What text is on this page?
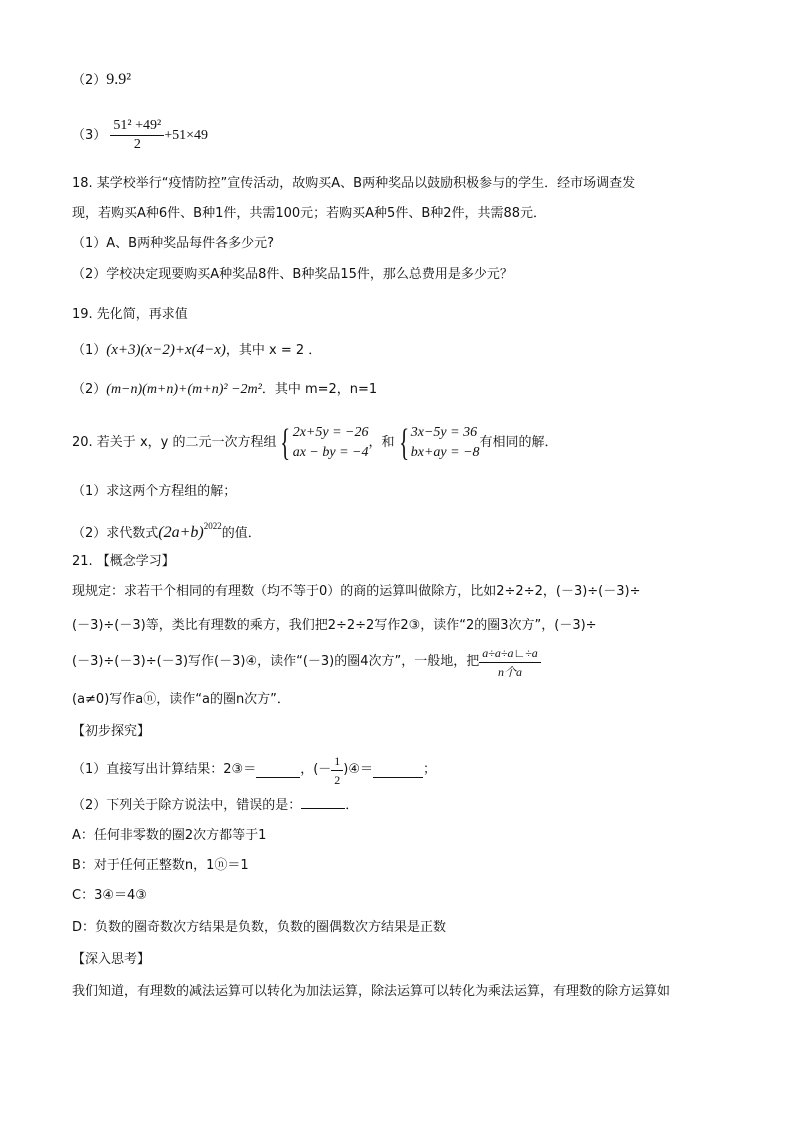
（2）9.9²
$(3) \frac{\text{51² +49²}}{2} +51\times 49$
18. 某学校举行“疫情防控”宣传活动，故购买A、B两种奖品以鼓励积极参与的学生．经市场调查发
现，若购买A种6件、B种1件，共需100元；若购买A种5件、B种2件，共需88元．
（1）A、B两种奖品每件各多少元?
（2）学校决定现要购买A种奖品8件、B种奖品15件，那么总费用是多少元？
19. 先化简，再求值
（1）(x+3)(x−2)+x(4−x)，其中 x = 2 ．
（2）(m−n)(m+n)+(m+n)² −2m²．其中 m=2，n=1
20. 若关于 x，y 的二元一次方程组 { 2x+5y = −26
ax − by = −4
，和 { 3x−5y = 36
bx+ay = −8
有相同的解．
（1）求这两个方程组的解；
（2）求代数式$(2a+b)^{2022}$的值．
21. 【概念学习】
现规定：求若干个相同的有理数（均不等于0）的商的运算叫做除方，比如2÷2÷2，(－3)÷(－3)÷
(－3)÷(－3)等，类比有理数的乘方，我们把2÷2÷2写作2③，读作“2的圈3次方”，(－3)÷
(－3)÷(－3)÷(－3)写作(－3)④，读作“(－3)的圈4次方”，一般地，把 $\frac{a\div a\div a∟\div a}{\text{n个a}}$
(a≠0)写作aⓝ，读作“a的圈n次方”．
【初步探究】
（1）直接写出计算结果：2③＝	，(－ $\frac{1}{2}$ )④＝	；
（2）下列关于除方说法中，错误的是：	．
A：任何非零数的圈2次方都等于1
B：对于任何正整数n，1ⓝ＝1
C：3④＝4③
D：负数的圈奇数次方结果是负数，负数的圈偶数次方结果是正数
【深入思考】
我们知道，有理数的减法运算可以转化为加法运算，除法运算可以转化为乘法运算，有理数的除方运算如
